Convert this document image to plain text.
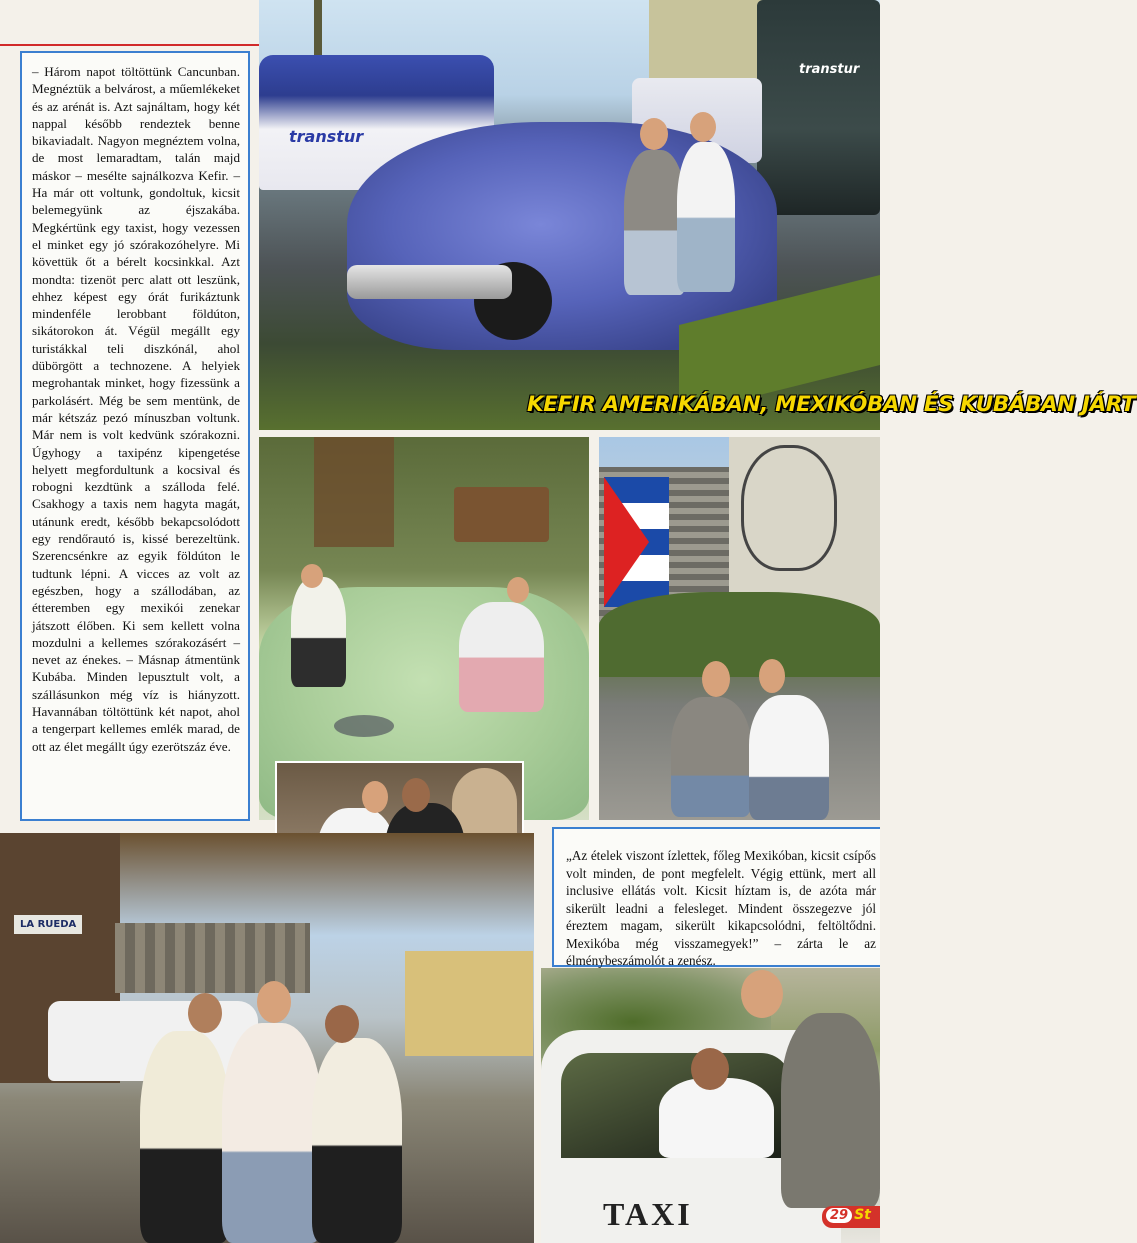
– Három napot töltöttünk Cancunban. Megnéztük a belvárost, a műemlékeket és az arénát is. Azt sajnáltam, hogy két nappal később rendeztek benne bikaviadalt. Nagyon megnéztem volna, de most lemaradtam, talán majd máskor – mesélte sajnálkozva Kefir. – Ha már ott voltunk, gondoltuk, kicsit belemegyünk az éjszakába. Megkértünk egy taxist, hogy vezessen el minket egy jó szórakozóhelyre. Mi követtük őt a bérelt kocsinkkal. Azt mondta: tizenöt perc alatt ott leszünk, ehhez képest egy órát furikáztunk mindenféle lerobbant földúton, sikátorokon át. Végül megállt egy turistákkal teli diszkónál, ahol dübörgött a technozene. A helyiek megrohantak minket, hogy fizessünk a parkolásért. Még be sem mentünk, de már kétszáz pezó mínuszban voltunk. Már nem is volt kedvünk szórakozni. Úgyhogy a taxipénz kipengetése helyett megfordultunk a kocsival és robogni kezdtünk a szálloda felé. Csakhogy a taxis nem hagyta magát, utánunk eredt, később bekapcsolódott egy rendőrautó is, kissé berezeltünk. Szerencsénkre az egyik földúton le tudtunk lépni. A vicces az volt az egészben, hogy a szállodában, az étteremben egy mexikói zenekar játszott élőben. Ki sem kellett volna mozdulni a kellemes szórakozásért – nevet az énekes. – Másnap átmentünk Kubába. Minden lepusztult volt, a szállásunkon még víz is hiányzott. Havannában töltöttünk két napot, ahol a tengerpart kellemes emlék marad, de ott az élet megállt úgy ezerötszáz éve.
transtur
transtur
KEFIR AMERIKÁBAN, MEXIKÓBAN ÉS KUBÁBAN JÁRT
„Az ételek viszont ízlettek, főleg Mexikóban, kicsit csípős volt minden, de pont megfelelt. Végig ettünk, mert all inclusive ellátás volt. Kicsit híztam is, de azóta már sikerült leadni a felesleget. Mindent összegezve jól éreztem magam, sikerült kikapcsolódni, feltöltődni. Mexikóba még visszamegyek!” – zárta le az élménybeszámolót a zenész.
LA RUEDA
TAXI	29 St
